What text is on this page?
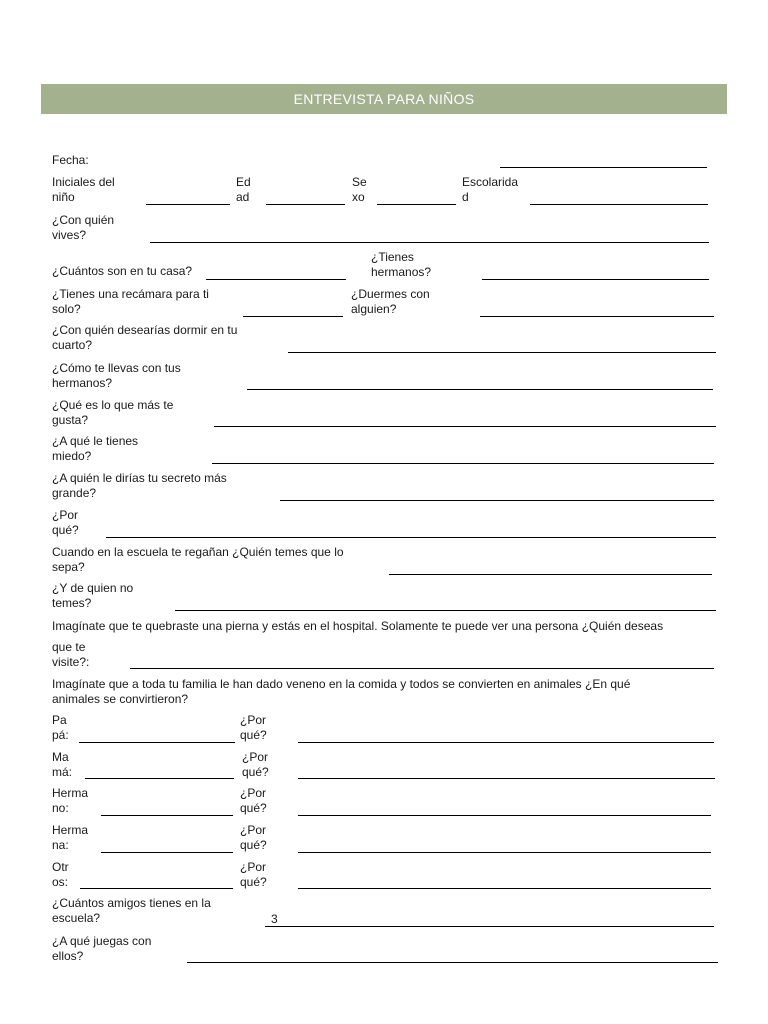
ENTREVISTA PARA NIÑOS
Fecha:
Iniciales del
niño
Ed
ad
Se
xo
Escolarida
d
¿Con quién
vives?
¿Cuántos son en tu casa?
¿Tienes
hermanos?
¿Tienes una recámara para ti
solo?
¿Duermes con
alguien?
¿Con quién desearías dormir en tu
cuarto?
¿Cómo te llevas con tus
hermanos?
¿Qué es lo que más te
gusta?
¿A qué le tienes
miedo?
¿A quién le dirías tu secreto más
grande?
¿Por
qué?
Cuando en la escuela te regañan ¿Quién temes que lo
sepa?
¿Y de quien no
temes?
Imagínate que te quebraste una pierna y estás en el hospital. Solamente te puede ver una persona ¿Quién deseas
que te
visite?:
Imagínate que a toda tu familia le han dado veneno en la comida y todos se convierten en animales ¿En qué
animales se convirtieron?
Pa
pá:
¿Por
qué?
Ma
má:
¿Por
qué?
Herma
no:
¿Por
qué?
Herma
na:
¿Por
qué?
Otr
os:
¿Por
qué?
¿Cuántos amigos tienes en la
escuela?	3
¿A qué juegas con
ellos?
